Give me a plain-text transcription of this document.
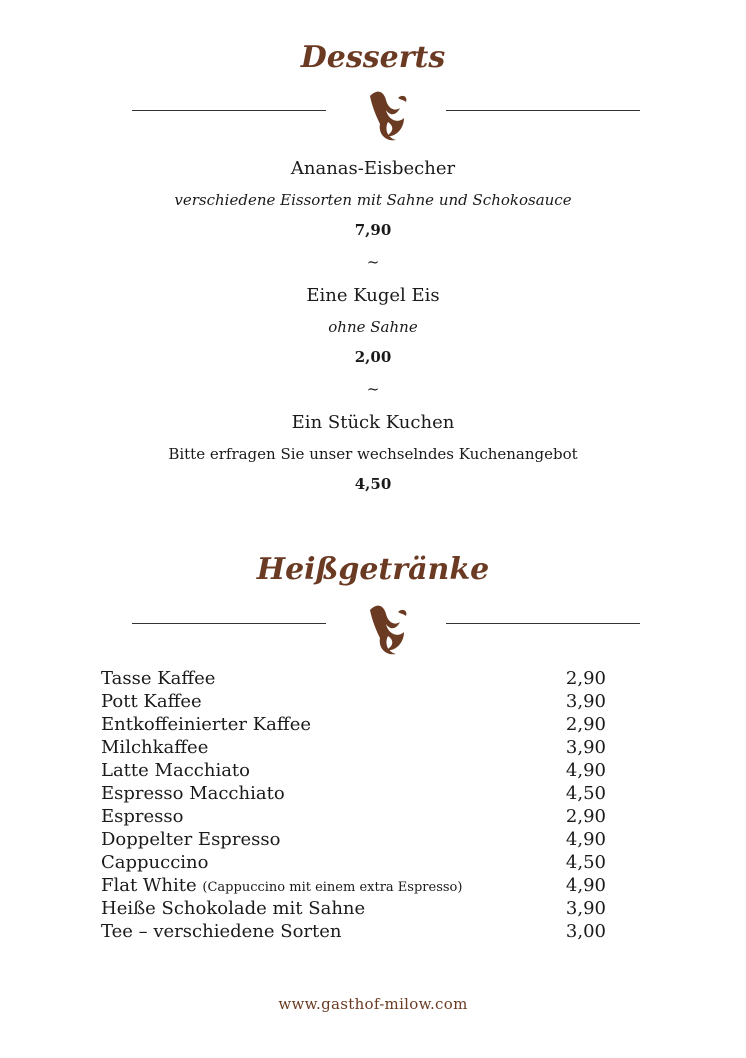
Desserts
Ananas-Eisbecher
verschiedene Eissorten mit Sahne und Schokosauce
7,90
~
Eine Kugel Eis
ohne Sahne
2,00
~
Ein Stück Kuchen
Bitte erfragen Sie unser wechselndes Kuchenangebot
4,50
Heißgetränke
Tasse Kaffee	2,90
Pott Kaffee	3,90
Entkoffeinierter Kaffee	2,90
Milchkaffee	3,90
Latte Macchiato	4,90
Espresso Macchiato	4,50
Espresso	2,90
Doppelter Espresso	4,90
Cappuccino	4,50
Flat White (Cappuccino mit einem extra Espresso)	4,90
Heiße Schokolade mit Sahne	3,90
Tee – verschiedene Sorten	3,00
www.gasthof-milow.com
